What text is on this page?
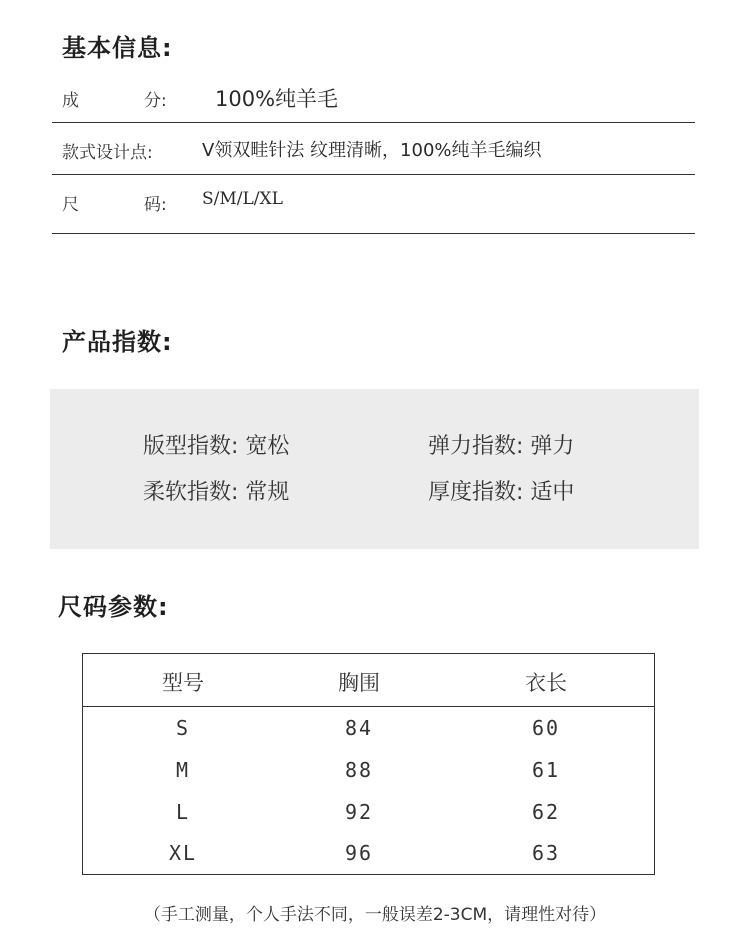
基本信息:
成	分: 100%纯羊毛
款式设计点:	V领双畦针法 纹理清晰，100%纯羊毛编织
尺	码: S/M/L/XL
产品指数:
版型指数: 宽松	弹力指数: 弹力
柔软指数: 常规	厚度指数: 适中
尺码参数:
型号	胸围	衣长
S	84	60
M	88	61
L	92	62
XL	96	63
（手工测量，个人手法不同，一般误差2-3CM，请理性对待）
